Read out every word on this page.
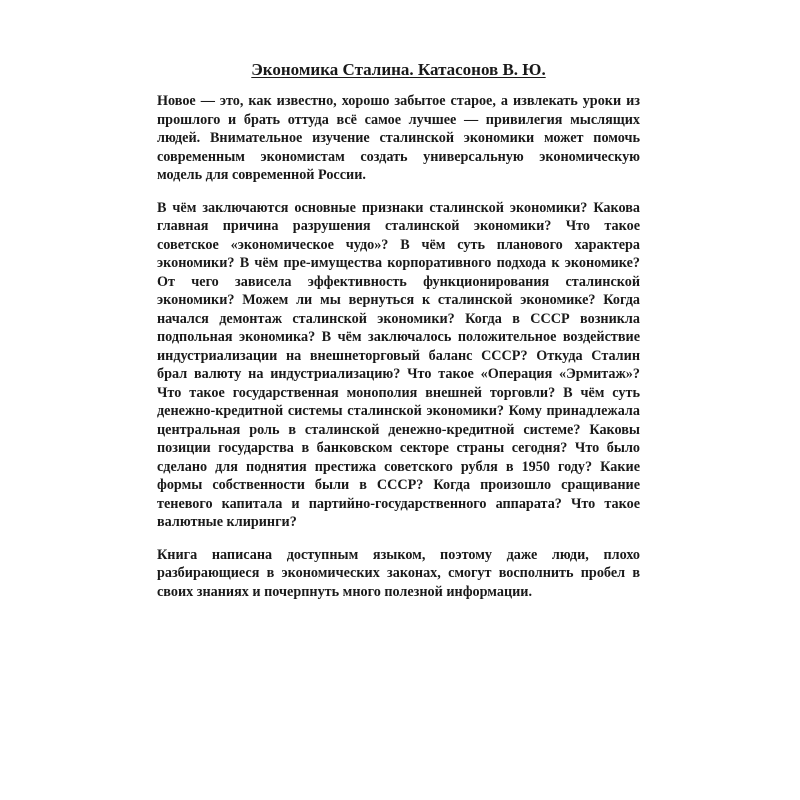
Экономика Сталина. Катасонов В. Ю.

Новое — это, как известно, хорошо забытое старое, а извлекать уроки из прошлого и брать оттуда всё самое лучшее — привилегия мыслящих людей. Внимательное изучение сталинской экономики может помочь современным экономистам создать универсальную экономическую модель для современной России.

В чём заключаются основные признаки сталинской экономики? Какова главная причина разрушения сталинской экономики? Что такое советское «экономическое чудо»? В чём суть планового характера экономики? В чём пре-имущества корпоративного подхода к экономике? От чего зависела эффективность функционирования сталинской экономики? Можем ли мы вернуться к сталинской экономике? Когда начался демонтаж сталинской экономики? Когда в СССР возникла подпольная экономика? В чём заключалось положительное воздействие индустриализации на внешнеторговый баланс СССР? Откуда Сталин брал валюту на индустриализацию? Что такое «Операция «Эрмитаж»? Что такое государственная монополия внешней торговли? В чём суть денежно-кредитной системы сталинской экономики? Кому принадлежала центральная роль в сталинской денежно-кредитной системе? Каковы позиции государства в банковском секторе страны сегодня? Что было сделано для поднятия престижа советского рубля в 1950 году? Какие формы собственности были в СССР? Когда произошло сращивание теневого капитала и партийно-государственного аппарата? Что такое валютные клиринги?

Книга написана доступным языком, поэтому даже люди, плохо разбирающиеся в экономических законах, смогут восполнить пробел в своих знаниях и почерпнуть много полезной информации.
